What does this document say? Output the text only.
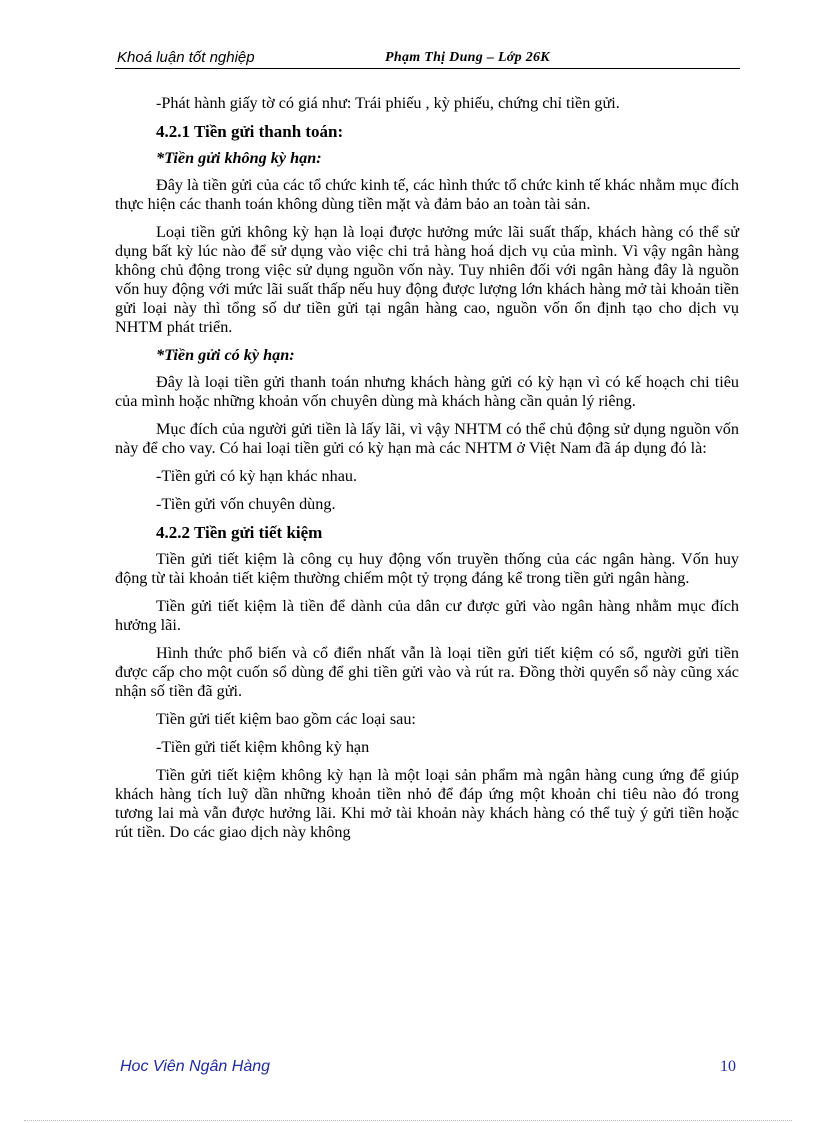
Khoá luận tốt nghiệp	Phạm Thị Dung – Lớp 26K

-Phát hành giấy tờ có giá như: Trái phiếu , kỳ phiếu, chứng chỉ tiền gửi.

4.2.1 Tiền gửi thanh toán:

*Tiền gửi không kỳ hạn:

Đây là tiền gửi của các tổ chức kinh tế, các hình thức tổ chức kinh tế khác nhằm mục đích thực hiện các thanh toán không dùng tiền mặt và đảm bảo an toàn tài sản.

Loại tiền gửi không kỳ hạn là loại được hưởng mức lãi suất thấp, khách hàng có thể sử dụng bất kỳ lúc nào để sử dụng vào việc chi trả hàng hoá dịch vụ của mình. Vì vậy ngân hàng không chủ động trong việc sử dụng nguồn vốn này. Tuy nhiên đối với ngân hàng đây là nguồn vốn huy động với mức lãi suất thấp nếu huy động được lượng lớn khách hàng mở tài khoản tiền gửi loại này thì tổng số dư tiền gửi tại ngân hàng cao, nguồn vốn ổn định tạo cho dịch vụ NHTM phát triển.

*Tiền gửi có kỳ hạn:

Đây là loại tiền gửi thanh toán nhưng khách hàng gửi có kỳ hạn vì có kế hoạch chi tiêu của mình hoặc những khoản vốn chuyên dùng mà khách hàng cần quản lý riêng.

Mục đích của người gửi tiền là lấy lãi, vì vậy NHTM có thể chủ động sử dụng nguồn vốn này để cho vay. Có hai loại tiền gửi có kỳ hạn mà các NHTM ở Việt Nam đã áp dụng đó là:

-Tiền gửi có kỳ hạn khác nhau.

-Tiền gửi vốn chuyên dùng.

4.2.2 Tiền gửi tiết kiệm

Tiền gửi tiết kiệm là công cụ huy động vốn truyền thống của các ngân hàng. Vốn huy động từ tài khoản tiết kiệm thường chiếm một tỷ trọng đáng kể trong tiền gửi ngân hàng.

Tiền gửi tiết kiệm là tiền để dành của dân cư được gửi vào ngân hàng nhằm mục đích hưởng lãi.

Hình thức phổ biến và cổ điển nhất vẫn là loại tiền gửi tiết kiệm có sổ, người gửi tiền được cấp cho một cuốn sổ dùng để ghi tiền gửi vào và rút ra. Đồng thời quyển sổ này cũng xác nhận số tiền đã gửi.

Tiền gửi tiết kiệm bao gồm các loại sau:

-Tiền gửi tiết kiệm không kỳ hạn

Tiền gửi tiết kiệm không kỳ hạn là một loại sản phẩm mà ngân hàng cung ứng để giúp khách hàng tích luỹ dần những khoản tiền nhỏ để đáp ứng một khoản chi tiêu nào đó trong tương lai mà vẫn được hưởng lãi. Khi mở tài khoản này khách hàng có thể tuỳ ý gửi tiền hoặc rút tiền. Do các giao dịch này không

Hoc Viên Ngân Hàng	10
